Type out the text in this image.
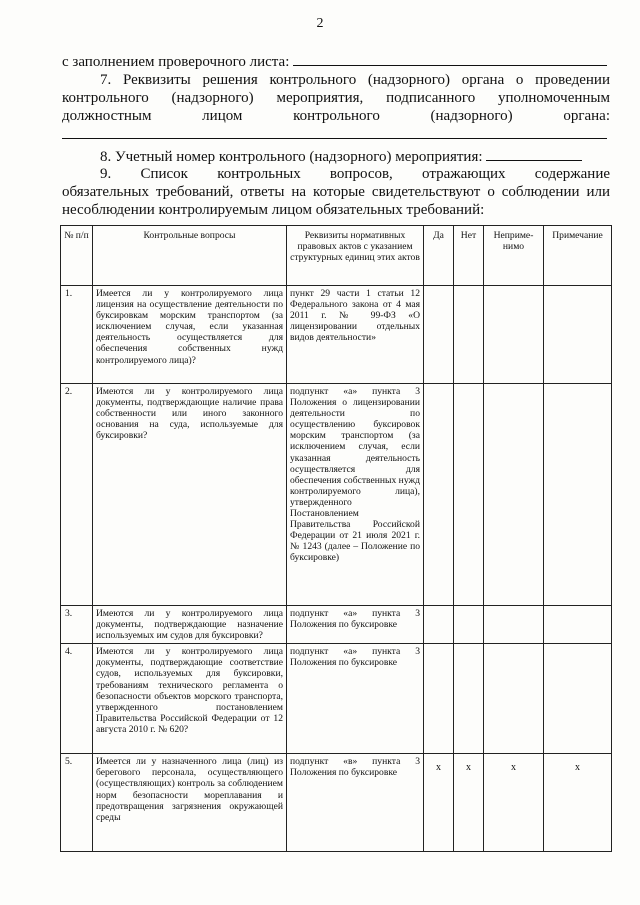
2
с заполнением проверочного листа:

7. Реквизиты решения контрольного (надзорного) органа о проведении

контрольного (надзорного) мероприятия, подписанного уполномоченным

должностным лицом контрольного (надзорного) органа:

8. Учетный номер контрольного (надзорного) мероприятия:

9. Список контрольных вопросов, отражающих содержание

обязательных требований, ответы на которые свидетельствуют о соблюдении или

несоблюдении контролируемым лицом обязательных требований:

№ п/п	Контрольные вопросы	Реквизиты нормативных правовых актов с указанием структурных единиц этих актов	Да	Нет	Неприме-нимо	Примечание
1.	Имеется ли у контролируемого лица лицензия на осуществление деятельности по буксировкам морским транспортом (за исключением случая, если указанная деятельность осуществляется для обеспечения собственных нужд контролируемого лица)?	пункт 29 части 1 статьи 12 Федерального закона от 4 мая 2011 г. № 99-ФЗ «О лицензировании отдельных видов деятельности»				
2.	Имеются ли у контролируемого лица документы, подтверждающие наличие права собственности или иного законного основания на суда, используемые для буксировки?	подпункт «а» пункта 3 Положения о лицензировании деятельности по осуществлению буксировок морским транспортом (за исключением случая, если указанная деятельность осуществляется для обеспечения собственных нужд контролируемого лица), утвержденного Постановлением Правительства Российской Федерации от 21 июля 2021 г. № 1243 (далее – Положение по буксировке)				
3.	Имеются ли у контролируемого лица документы, подтверждающие назначение используемых им судов для буксировки?	подпункт «а» пункта 3 Положения по буксировке				
4.	Имеются ли у контролируемого лица документы, подтверждающие соответствие судов, используемых для буксировки, требованиям технического регламента о безопасности объектов морского транспорта, утвержденного постановлением Правительства Российской Федерации от 12 августа 2010 г. № 620?	подпункт «а» пункта 3 Положения по буксировке				
5.	Имеется ли у назначенного лица (лиц) из берегового персонала, осуществляющего (осуществляющих) контроль за соблюдением норм безопасности мореплавания и предотвращения загрязнения окружающей среды	подпункт «в» пункта 3 Положения по буксировке	х	х	х	х
